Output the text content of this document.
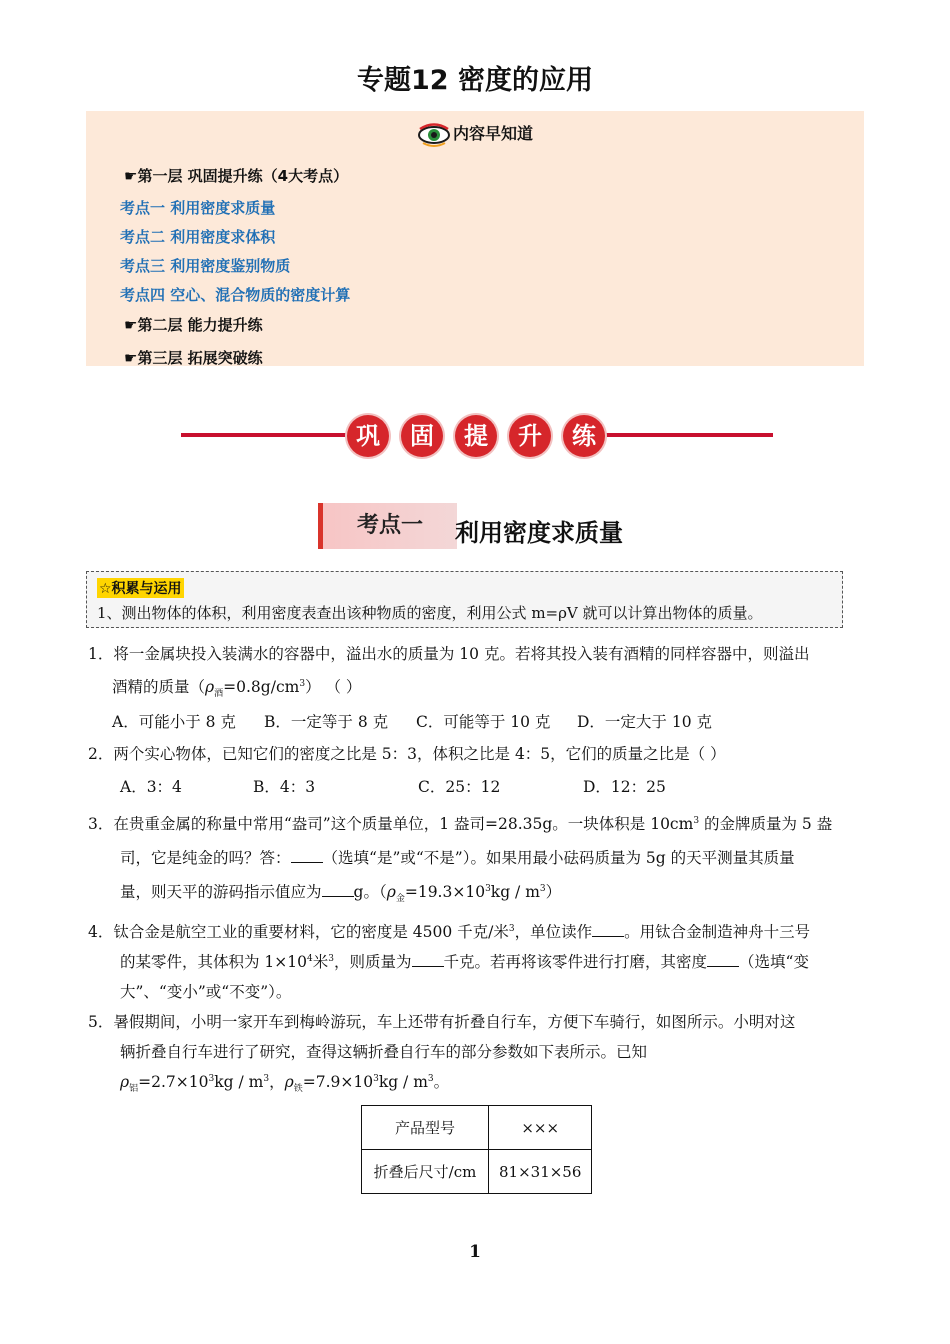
专题12 密度的应用
内容早知道
☛第一层 巩固提升练（4大考点）
考点一 利用密度求质量
考点二 利用密度求体积
考点三 利用密度鉴别物质
考点四 空心、混合物质的密度计算
☛第二层 能力提升练
☛第三层 拓展突破练
巩	固	提	升	练
考点一	利用密度求质量
☆积累与运用
1、测出物体的体积，利用密度表查出该种物质的密度，利用公式 m=ρV 就可以计算出物体的质量。
1．将一金属块投入装满水的容器中，溢出水的质量为 10 克。若将其投入装有酒精的同样容器中，则溢出
酒精的质量$(\rho_酒=0.8g/cm^3)$ （ ）
A．可能小于 8 克 B．一定等于 8 克 C．可能等于 10 克 D．一定大于 10 克
2．两个实心物体，已知它们的密度之比是 5：3，体积之比是 4：5，它们的质量之比是（ ）
A．3：4	B．4：3	C．25：12	D．12：25
3．在贵重金属的称量中常用“盎司”这个质量单位，1 盎司=28.35g。一块体积是 $10cm^3$ 的金牌质量为 5 盎
司，它是纯金的吗？答： （选填“是”或“不是”）。如果用最小砝码质量为 5g 的天平测量其质量
量，则天平的游码指示值应为 g。$(\rho_金=19.3\times 10^3kg / m^3)$
4．钛合金是航空工业的重要材料，它的密度是 4500 千克/米$^3$，单位读作 。用钛合金制造神舟十三号
的某零件，其体积为 $1\times 10^4$米$^3$，则质量为 千克。若再将该零件进行打磨，其密度 （选填“变
大”、“变小”或“不变”）。
5．暑假期间，小明一家开车到梅岭游玩，车上还带有折叠自行车，方便下车骑行，如图所示。小明对这
辆折叠自行车进行了研究，查得这辆折叠自行车的部分参数如下表所示。已知
$\rho_铝=2.7\times 10^3kg / m^3$，$\rho_铁=7.9\times 10^3kg / m^3$。
产品型号	×××
折叠后尺寸/cm	81×31×56
1
